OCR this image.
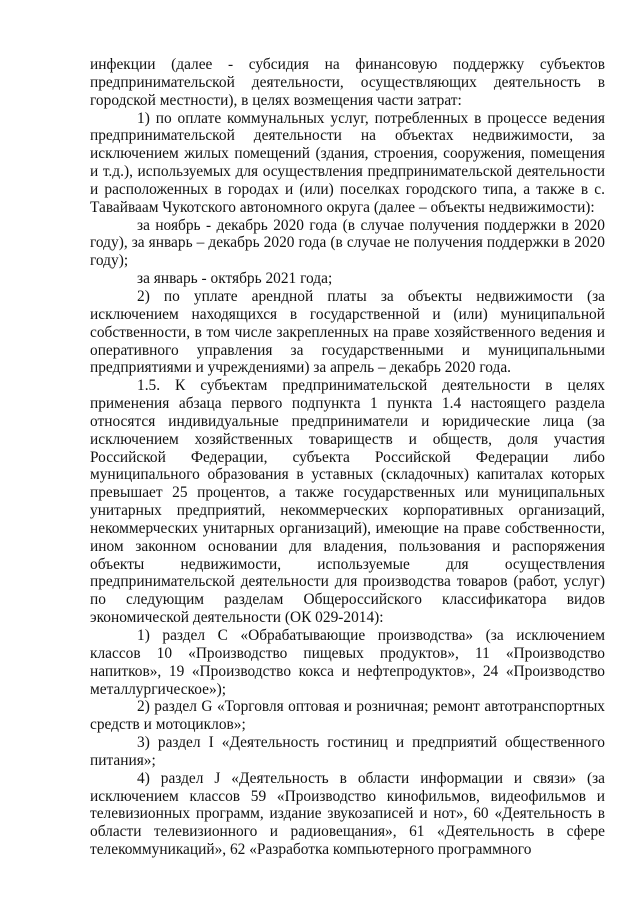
инфекции (далее - субсидия на финансовую поддержку субъектов предпринимательской деятельности, осуществляющих деятельность в городской местности), в целях возмещения части затрат:

1) по оплате коммунальных услуг, потребленных в процессе ведения предпринимательской деятельности на объектах недвижимости, за исключением жилых помещений (здания, строения, сооружения, помещения и т.д.), используемых для осуществления предпринимательской деятельности и расположенных в городах и (или) поселках городского типа, а также в с. Тавайваам Чукотского автономного округа (далее – объекты недвижимости):

за ноябрь - декабрь 2020 года (в случае получения поддержки в 2020 году), за январь – декабрь 2020 года (в случае не получения поддержки в 2020 году);

за январь - октябрь 2021 года;

2) по уплате арендной платы за объекты недвижимости (за исключением находящихся в государственной и (или) муниципальной собственности, в том числе закрепленных на праве хозяйственного ведения и оперативного управления за государственными и муниципальными предприятиями и учреждениями) за апрель – декабрь 2020 года.

1.5. К субъектам предпринимательской деятельности в целях применения абзаца первого подпункта 1 пункта 1.4 настоящего раздела относятся индивидуальные предприниматели и юридические лица (за исключением хозяйственных товариществ и обществ, доля участия Российской Федерации, субъекта Российской Федерации либо муниципального образования в уставных (складочных) капиталах которых превышает 25 процентов, а также государственных или муниципальных унитарных предприятий, некоммерческих корпоративных организаций, некоммерческих унитарных организаций), имеющие на праве собственности, ином законном основании для владения, пользования и распоряжения объекты недвижимости, используемые для осуществления предпринимательской деятельности для производства товаров (работ, услуг) по следующим разделам Общероссийского классификатора видов экономической деятельности (ОК 029-2014):

1) раздел C «Обрабатывающие производства» (за исключением классов 10 «Производство пищевых продуктов», 11 «Производство напитков», 19 «Производство кокса и нефтепродуктов», 24 «Производство металлургическое»);

2) раздел G «Торговля оптовая и розничная; ремонт автотранспортных средств и мотоциклов»;

3) раздел I «Деятельность гостиниц и предприятий общественного питания»;

4) раздел J «Деятельность в области информации и связи» (за исключением классов 59 «Производство кинофильмов, видеофильмов и телевизионных программ, издание звукозаписей и нот», 60 «Деятельность в области телевизионного и радиовещания», 61 «Деятельность в сфере телекоммуникаций», 62 «Разработка компьютерного программного
